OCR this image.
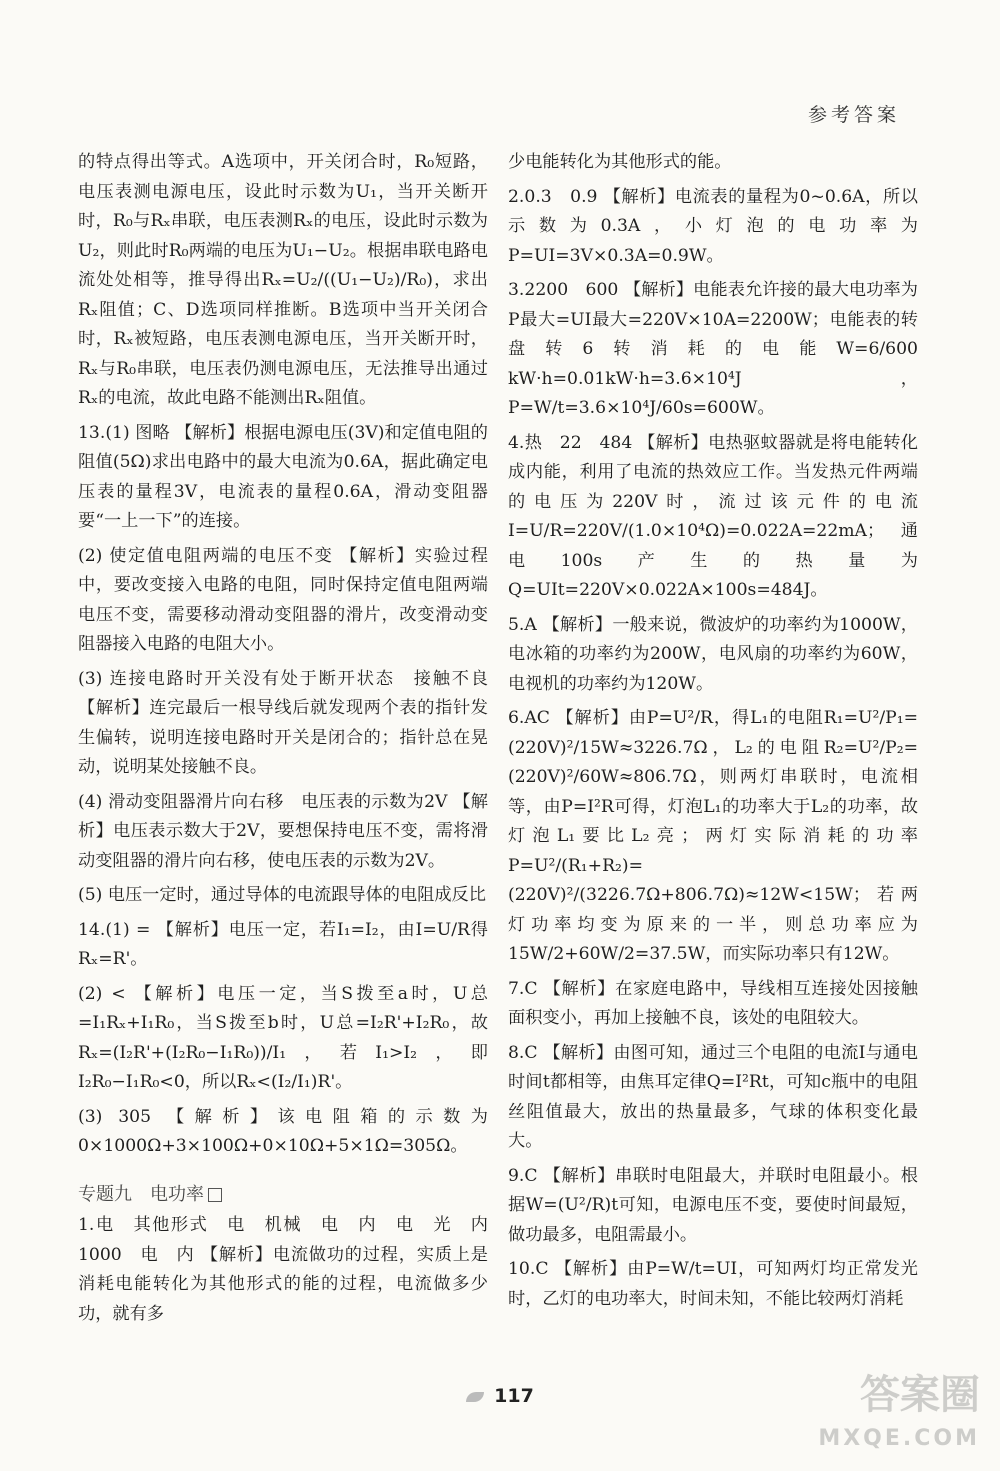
参考答案

的特点得出等式。A选项中，开关闭合时，R₀短路，电压表测电源电压，设此时示数为U₁，当开关断开时，R₀与Rₓ串联，电压表测Rₓ的电压，设此时示数为U₂，则此时R₀两端的电压为U₁−U₂。根据串联电路电流处处相等，推导得出Rₓ=U₂/((U₁−U₂)/R₀)，求出Rₓ阻值；C、D选项同样推断。B选项中当开关闭合时，Rₓ被短路，电压表测电源电压，当开关断开时，Rₓ与R₀串联，电压表仍测电源电压，无法推导出通过Rₓ的电流，故此电路不能测出Rₓ阻值。

13.(1) 图略 【解析】根据电源电压(3V)和定值电阻的阻值(5Ω)求出电路中的最大电流为0.6A，据此确定电压表的量程3V，电流表的量程0.6A，滑动变阻器要“一上一下”的连接。

(2) 使定值电阻两端的电压不变 【解析】实验过程中，要改变接入电路的电阻，同时保持定值电阻两端电压不变，需要移动滑动变阻器的滑片，改变滑动变阻器接入电路的电阻大小。

(3) 连接电路时开关没有处于断开状态　接触不良 【解析】连完最后一根导线后就发现两个表的指针发生偏转，说明连接电路时开关是闭合的；指针总在晃动，说明某处接触不良。

(4) 滑动变阻器滑片向右移　电压表的示数为2V 【解析】电压表示数大于2V，要想保持电压不变，需将滑动变阻器的滑片向右移，使电压表的示数为2V。

(5) 电压一定时，通过导体的电流跟导体的电阻成反比

14.(1) = 【解析】电压一定，若I₁=I₂，由I=U/R得Rₓ=R'。

(2) < 【解析】电压一定，当S拨至a时，U总=I₁Rₓ+I₁R₀，当S拨至b时，U总=I₂R'+I₂R₀，故Rₓ=(I₂R'+(I₂R₀−I₁R₀))/I₁，若I₁>I₂，即I₂R₀−I₁R₀<0，所以Rₓ<(I₂/I₁)R'。

(3) 305 【解析】该电阻箱的示数为0×1000Ω+3×100Ω+0×10Ω+5×1Ω=305Ω。

专题九　电功率

1.电　其他形式　电　机械　电　内　电　光　内　1000　电　内 【解析】电流做功的过程，实质上是消耗电能转化为其他形式的能的过程，电流做多少功，就有多

少电能转化为其他形式的能。

2.0.3　0.9 【解析】电流表的量程为0~0.6A，所以示数为0.3A，小灯泡的电功率为P=UI=3V×0.3A=0.9W。

3.2200　600 【解析】电能表允许接的最大电功率为P最大=UI最大=220V×10A=2200W；电能表的转盘转6转消耗的电能W=6/600 kW·h=0.01kW·h=3.6×10⁴J，P=W/t=3.6×10⁴J/60s=600W。

4.热　22　484 【解析】电热驱蚊器就是将电能转化成内能，利用了电流的热效应工作。当发热元件两端的电压为220V时，流过该元件的电流I=U/R=220V/(1.0×10⁴Ω)=0.022A=22mA；通电100s产生的热量为Q=UIt=220V×0.022A×100s=484J。

5.A 【解析】一般来说，微波炉的功率约为1000W，电冰箱的功率约为200W，电风扇的功率约为60W，电视机的功率约为120W。

6.AC 【解析】由P=U²/R，得L₁的电阻R₁=U²/P₁=(220V)²/15W≈3226.7Ω，L₂的电阻R₂=U²/P₂=(220V)²/60W≈806.7Ω，则两灯串联时，电流相等，由P=I²R可得，灯泡L₁的功率大于L₂的功率，故灯泡L₁要比L₂亮；两灯实际消耗的功率P=U²/(R₁+R₂)=(220V)²/(3226.7Ω+806.7Ω)≈12W<15W；若两灯功率均变为原来的一半，则总功率应为15W/2+60W/2=37.5W，而实际功率只有12W。

7.C 【解析】在家庭电路中，导线相互连接处因接触面积变小，再加上接触不良，该处的电阻较大。

8.C 【解析】由图可知，通过三个电阻的电流I与通电时间t都相等，由焦耳定律Q=I²Rt，可知c瓶中的电阻丝阻值最大，放出的热量最多，气球的体积变化最大。

9.C 【解析】串联时电阻最大，并联时电阻最小。根据W=(U²/R)t可知，电源电压不变，要使时间最短，做功最多，电阻需最小。

10.C 【解析】由P=W/t=UI，可知两灯均正常发光时，乙灯的电功率大，时间未知，不能比较两灯消耗

117	答案圈
MXQE.COM
